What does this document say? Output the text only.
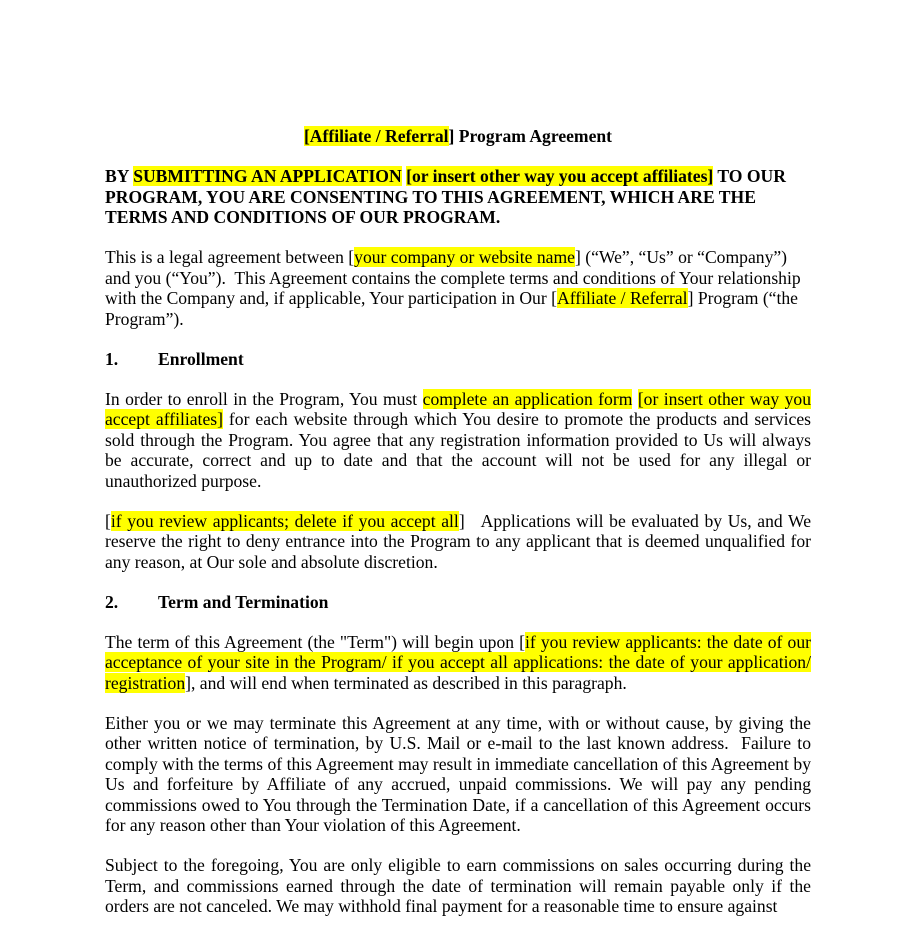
[Affiliate / Referral] Program Agreement

BY SUBMITTING AN APPLICATION [or insert other way you accept affiliates] TO OUR PROGRAM, YOU ARE CONSENTING TO THIS AGREEMENT, WHICH ARE THE TERMS AND CONDITIONS OF OUR PROGRAM.

This is a legal agreement between [your company or website name] (“We”, “Us” or “Company”) and you (“You”).  This Agreement contains the complete terms and conditions of Your relationship with the Company and, if applicable, Your participation in Our [Affiliate / Referral] Program (“the Program”).

1. Enrollment

In order to enroll in the Program, You must complete an application form [or insert other way you accept affiliates] for each website through which You desire to promote the products and services sold through the Program. You agree that any registration information provided to Us will always be accurate, correct and up to date and that the account will not be used for any illegal or unauthorized purpose.

[if you review applicants; delete if you accept all]   Applications will be evaluated by Us, and We reserve the right to deny entrance into the Program to any applicant that is deemed unqualified for any reason, at Our sole and absolute discretion.

2. Term and Termination

The term of this Agreement (the "Term") will begin upon [if you review applicants: the date of our acceptance of your site in the Program/ if you accept all applications: the date of your application/ registration], and will end when terminated as described in this paragraph.

Either you or we may terminate this Agreement at any time, with or without cause, by giving the other written notice of termination, by U.S. Mail or e-mail to the last known address.  Failure to comply with the terms of this Agreement may result in immediate cancellation of this Agreement by Us and forfeiture by Affiliate of any accrued, unpaid commissions. We will pay any pending commissions owed to You through the Termination Date, if a cancellation of this Agreement occurs for any reason other than Your violation of this Agreement.

Subject to the foregoing, You are only eligible to earn commissions on sales occurring during the Term, and commissions earned through the date of termination will remain payable only if the orders are not canceled. We may withhold final payment for a reasonable time to ensure against
